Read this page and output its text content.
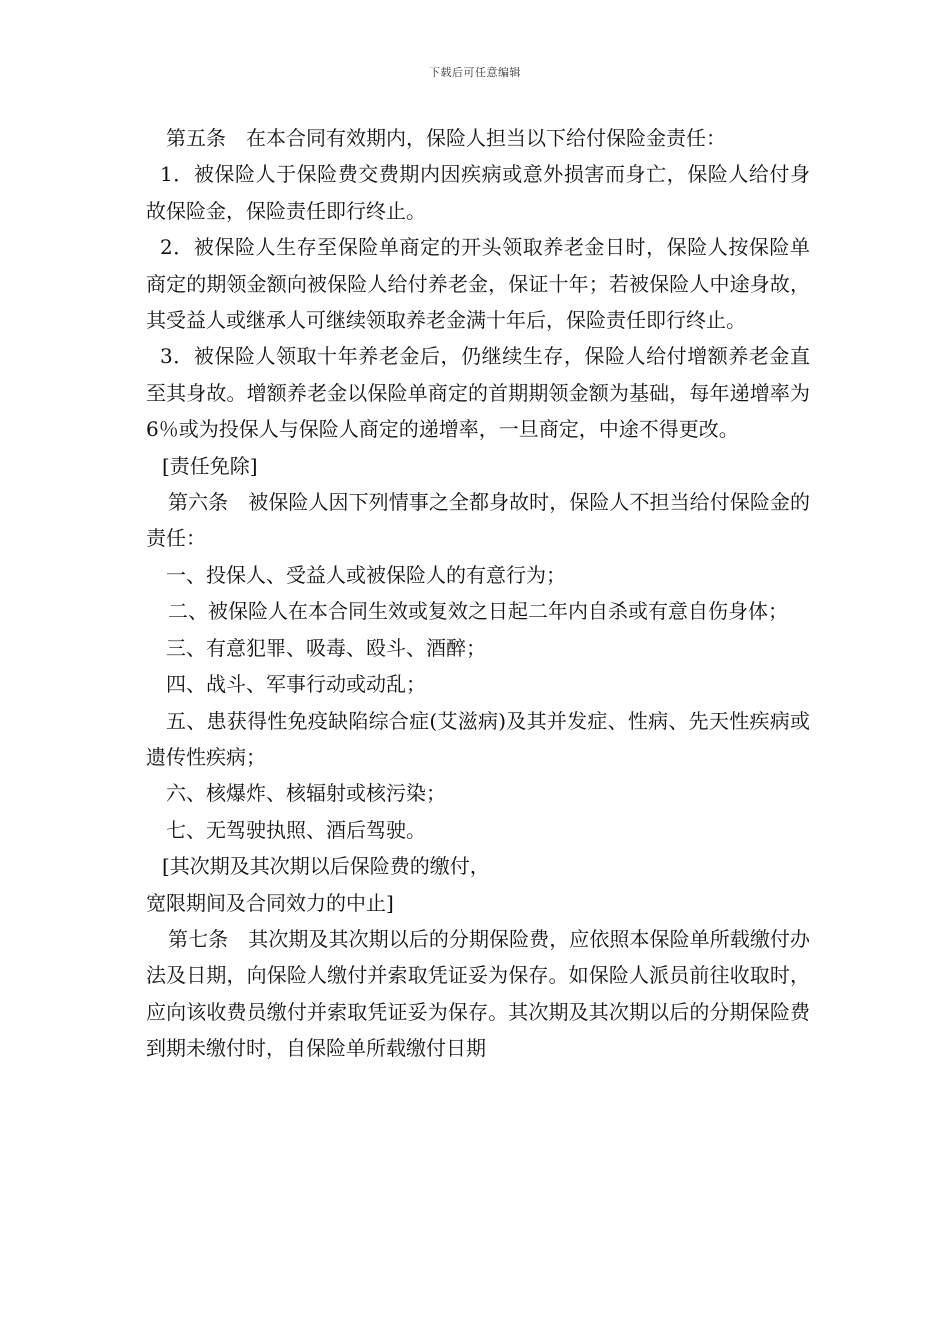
下载后可任意编辑

第五条　在本合同有效期内，保险人担当以下给付保险金责任：

1．被保险人于保险费交费期内因疾病或意外损害而身亡，保险人给付身故保险金，保险责任即行终止。

2．被保险人生存至保险单商定的开头领取养老金日时，保险人按保险单商定的期领金额向被保险人给付养老金，保证十年；若被保险人中途身故，其受益人或继承人可继续领取养老金满十年后，保险责任即行终止。

3．被保险人领取十年养老金后，仍继续生存，保险人给付增额养老金直至其身故。增额养老金以保险单商定的首期期领金额为基础，每年递增率为6％或为投保人与保险人商定的递增率，一旦商定，中途不得更改。

[责任免除]

第六条　被保险人因下列情事之全都身故时，保险人不担当给付保险金的责任：

一、投保人、受益人或被保险人的有意行为；

二、被保险人在本合同生效或复效之日起二年内自杀或有意自伤身体；

三、有意犯罪、吸毒、殴斗、酒醉；

四、战斗、军事行动或动乱；

五、患获得性免疫缺陷综合症(艾滋病)及其并发症、性病、先天性疾病或遗传性疾病；

六、核爆炸、核辐射或核污染；

七、无驾驶执照、酒后驾驶。

[其次期及其次期以后保险费的缴付，

宽限期间及合同效力的中止]

第七条　其次期及其次期以后的分期保险费，应依照本保险单所载缴付办法及日期，向保险人缴付并索取凭证妥为保存。如保险人派员前往收取时，应向该收费员缴付并索取凭证妥为保存。其次期及其次期以后的分期保险费到期未缴付时，自保险单所载缴付日期
